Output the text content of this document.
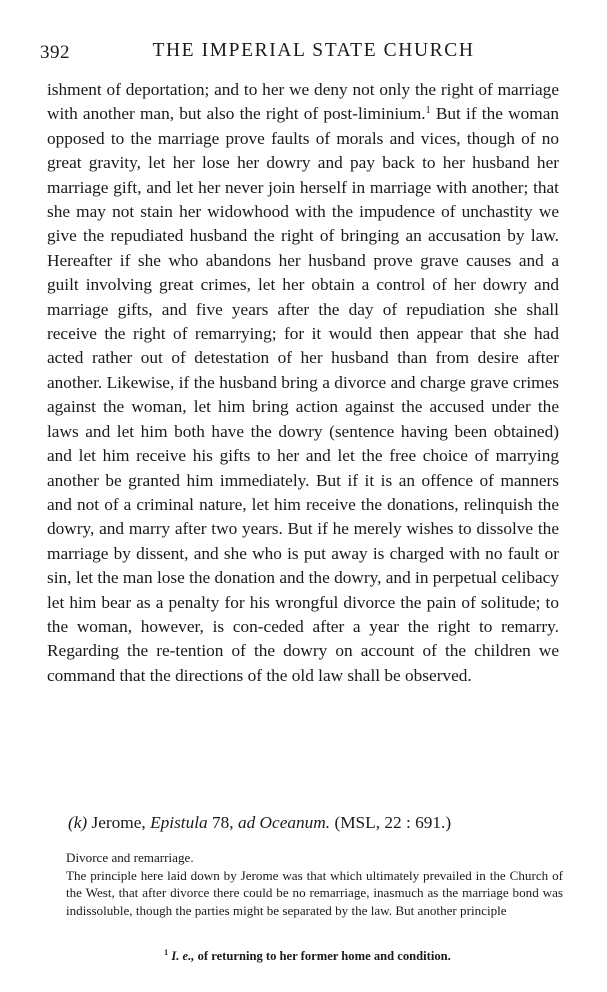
392	THE IMPERIAL STATE CHURCH

ishment of deportation; and to her we deny not only the right of marriage with another man, but also the right of post-liminium.$^1$ But if the woman opposed to the marriage prove faults of morals and vices, though of no great gravity, let her lose her dowry and pay back to her husband her marriage gift, and let her never join herself in marriage with another; that she may not stain her widowhood with the impudence of unchastity we give the repudiated husband the right of bringing an accusation by law. Hereafter if she who abandons her husband prove grave causes and a guilt involving great crimes, let her obtain a control of her dowry and marriage gifts, and five years after the day of repudiation she shall receive the right of remarrying; for it would then appear that she had acted rather out of detestation of her husband than from desire after another. Likewise, if the husband bring a divorce and charge grave crimes against the woman, let him bring action against the accused under the laws and let him both have the dowry (sentence having been obtained) and let him receive his gifts to her and let the free choice of marrying another be granted him immediately. But if it is an offence of manners and not of a criminal nature, let him receive the donations, relinquish the dowry, and marry after two years. But if he merely wishes to dissolve the marriage by dissent, and she who is put away is charged with no fault or sin, let the man lose the donation and the dowry, and in perpetual celibacy let him bear as a penalty for his wrongful divorce the pain of solitude; to the woman, however, is con-ceded after a year the right to remarry. Regarding the re-tention of the dowry on account of the children we command that the directions of the old law shall be observed.

(k) Jerome, Epistula 78, ad Oceanum. (MSL, 22 : 691.)

Divorce and remarriage.

The principle here laid down by Jerome was that which ultimately prevailed in the Church of the West, that after divorce there could be no remarriage, inasmuch as the marriage bond was indissoluble, though the parties might be separated by the law. But another principle

$^1$ I. e., of returning to her former home and condition.
